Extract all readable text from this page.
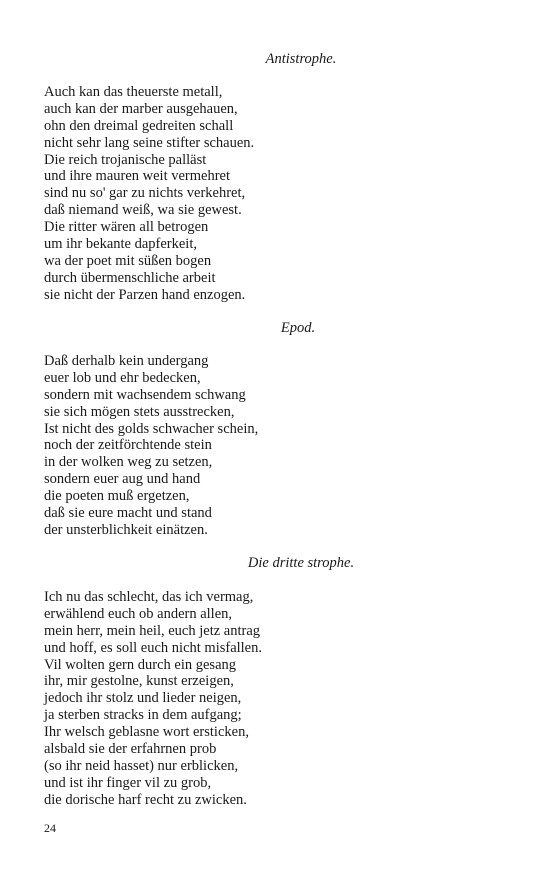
Antistrophe.
Auch kan das theuerste metall,
auch kan der marber ausgehauen,
ohn den dreimal gedreiten schall
nicht sehr lang seine stifter schauen.
Die reich trojanische palläst
und ihre mauren weit vermehret
sind nu so' gar zu nichts verkehret,
daß niemand weiß, wa sie gewest.
Die ritter wären all betrogen
um ihr bekante dapferkeit,
wa der poet mit süßen bogen
durch übermenschliche arbeit
sie nicht der Parzen hand enzogen.
Epod.
Daß derhalb kein undergang
euer lob und ehr bedecken,
sondern mit wachsendem schwang
sie sich mögen stets ausstrecken,
Ist nicht des golds schwacher schein,
noch der zeitförchtende stein
in der wolken weg zu setzen,
sondern euer aug und hand
die poeten muß ergetzen,
daß sie eure macht und stand
der unsterblichkeit einätzen.
Die dritte strophe.
Ich nu das schlecht, das ich vermag,
erwählend euch ob andern allen,
mein herr, mein heil, euch jetz antrag
und hoff, es soll euch nicht misfallen.
Vil wolten gern durch ein gesang
ihr, mir gestolne, kunst erzeigen,
jedoch ihr stolz und lieder neigen,
ja sterben stracks in dem aufgang;
Ihr welsch geblasne wort ersticken,
alsbald sie der erfahrnen prob
(so ihr neid hasset) nur erblicken,
und ist ihr finger vil zu grob,
die dorische harf recht zu zwicken.
24
